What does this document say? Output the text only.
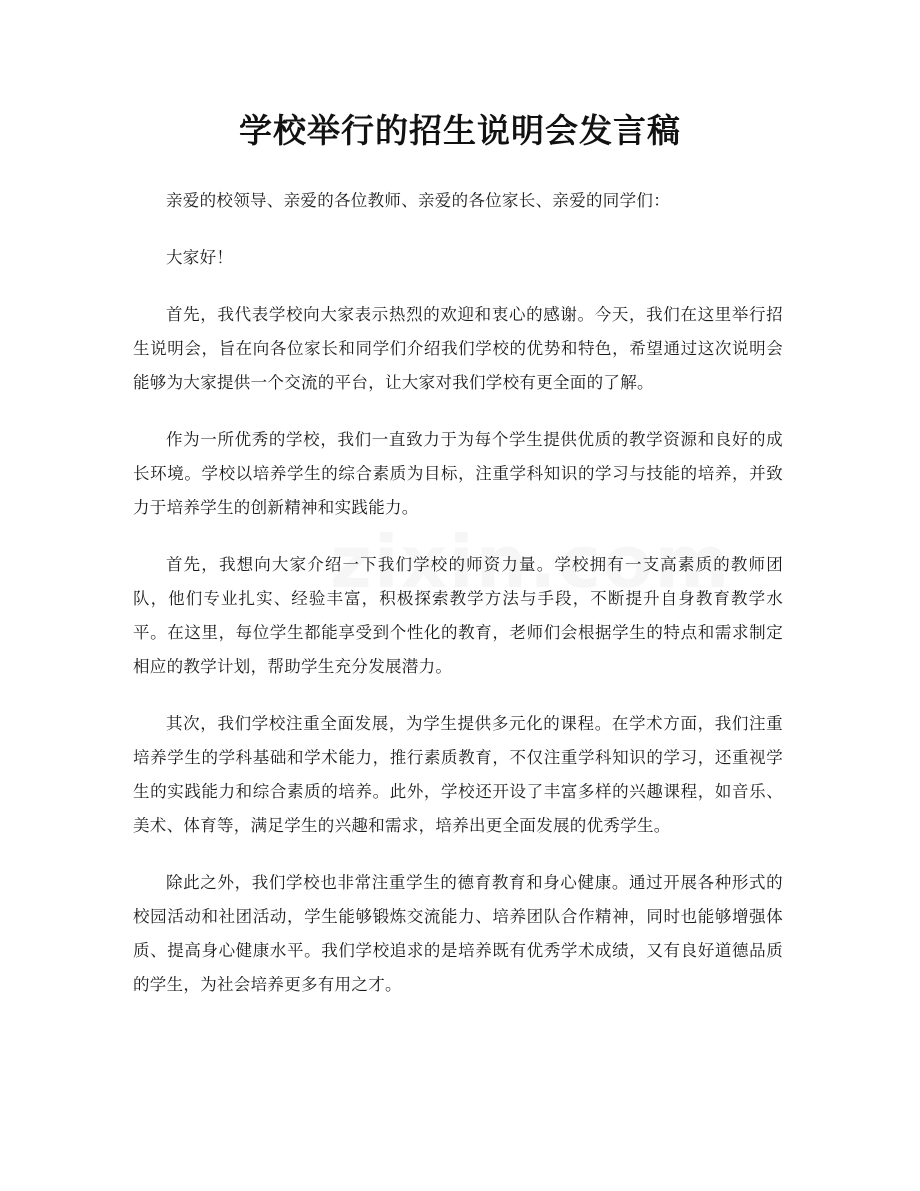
学校举行的招生说明会发言稿

亲爱的校领导、亲爱的各位教师、亲爱的各位家长、亲爱的同学们：

大家好！

首先，我代表学校向大家表示热烈的欢迎和衷心的感谢。今天，我们在这里举行招生说明会，旨在向各位家长和同学们介绍我们学校的优势和特色，希望通过这次说明会能够为大家提供一个交流的平台，让大家对我们学校有更全面的了解。

作为一所优秀的学校，我们一直致力于为每个学生提供优质的教学资源和良好的成长环境。学校以培养学生的综合素质为目标，注重学科知识的学习与技能的培养，并致力于培养学生的创新精神和实践能力。

首先，我想向大家介绍一下我们学校的师资力量。学校拥有一支高素质的教师团队，他们专业扎实、经验丰富，积极探索教学方法与手段，不断提升自身教育教学水平。在这里，每位学生都能享受到个性化的教育，老师们会根据学生的特点和需求制定相应的教学计划，帮助学生充分发展潜力。

其次，我们学校注重全面发展，为学生提供多元化的课程。在学术方面，我们注重培养学生的学科基础和学术能力，推行素质教育，不仅注重学科知识的学习，还重视学生的实践能力和综合素质的培养。此外，学校还开设了丰富多样的兴趣课程，如音乐、美术、体育等，满足学生的兴趣和需求，培养出更全面发展的优秀学生。

除此之外，我们学校也非常注重学生的德育教育和身心健康。通过开展各种形式的校园活动和社团活动，学生能够锻炼交流能力、培养团队合作精神，同时也能够增强体质、提高身心健康水平。我们学校追求的是培养既有优秀学术成绩，又有良好道德品质的学生，为社会培养更多有用之才。
